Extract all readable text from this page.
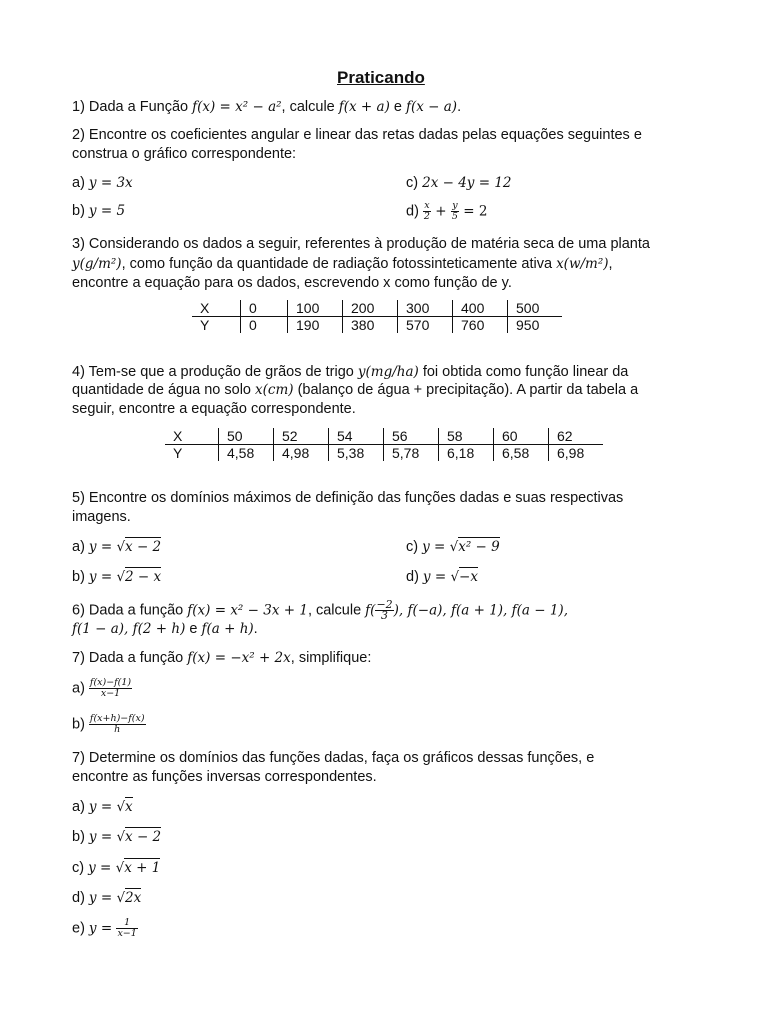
Praticando
1) Dada a Função f(x) = x² − a², calcule f(x + a) e f(x − a).
2) Encontre os coeficientes angular e linear das retas dadas pelas equações seguintes e
construa o gráfico correspondente:
a) y = 3x
b) y = 5
c) 2x − 4y = 12
$d) \frac{x}{2} + \frac{y}{5} = 2$
3) Considerando os dados a seguir, referentes à produção de matéria seca de uma planta
y(g/m²), como função da quantidade de radiação fotossinteticamente ativa x(w/m²),
encontre a equação para os dados, escrevendo x como função de y.
X	0	100	200	300	400	500
Y	0	190	380	570	760	950
4) Tem-se que a produção de grãos de trigo y(mg/ha) foi obtida como função linear da
quantidade de água no solo x(cm) (balanço de água + precipitação). A partir da tabela a
seguir, encontre a equação correspondente.
X	50	52	54	56	58	60	62
Y	4,58	4,98	5,38	5,78	6,18	6,58	6,98
5) Encontre os domínios máximos de definição das funções dadas e suas respectivas
imagens.
a) y = √x − 2
b) y = √2 − x
c) y = √x² − 9
d) y = √−x
6) Dada a função f(x) = x² − 3x + 1, calcule $f( \frac{-2}{3}$ ), f(−a), f(a + 1), f(a − 1),
f(1 − a), f(2 + h) e f(a + h).
7) Dada a função f(x) = −x² + 2x, simplifique:
$a) \frac{f(x)-f(1)}{x-1}$
$b) \frac{f(x+h)-f(x)}{h}$
7) Determine os domínios das funções dadas, faça os gráficos dessas funções, e
encontre as funções inversas correspondentes.
a) y = √x
b) y = √x − 2
c) y = √x + 1
d) y = √2x
e) $y = \frac{1}{x-1}$
